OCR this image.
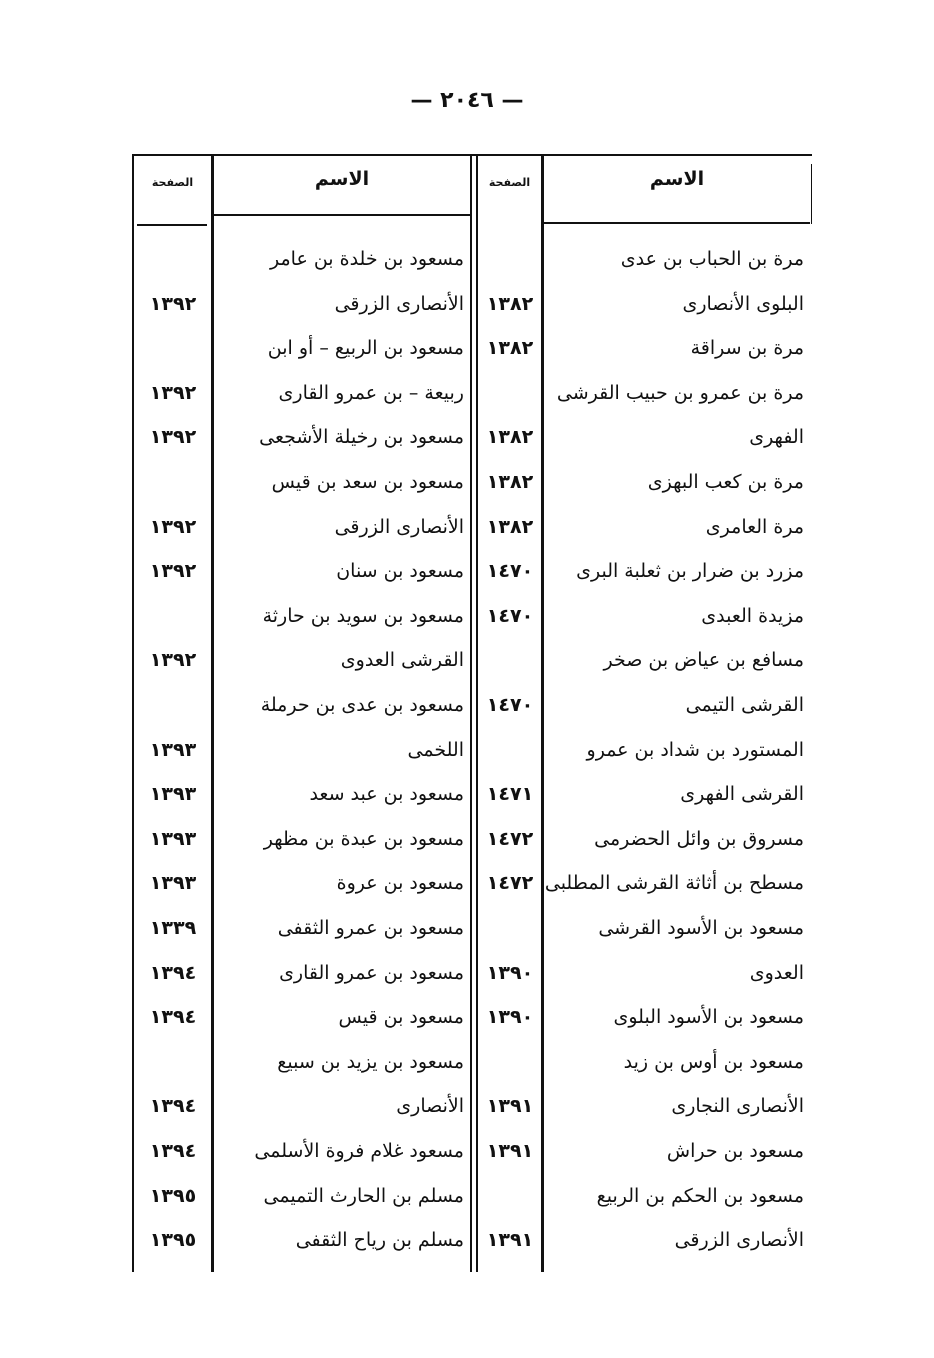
— ٢٠٤٦ —
الاسم
الصفحة
الاسم
الصفحة
مرة بن الحباب بن عدى
البلوى الأنصارى
١٣٨٢
مرة بن سراقة
١٣٨٢
مرة بن عمرو بن حبيب القرشى
الفهرى
١٣٨٢
مرة بن كعب البهزى
١٣٨٢
مرة العامرى
١٣٨٢
مزرد بن ضرار بن ثعلبة البرى
١٤٧٠
مزيدة العبدى
١٤٧٠
مسافع بن عياض بن صخر
القرشى التيمى
١٤٧٠
المستورد بن شداد بن عمرو
القرشى الفهرى
١٤٧١
مسروق بن وائل الحضرمى
١٤٧٢
مسطح بن أثاثة القرشى المطلبى
١٤٧٢
مسعود بن الأسود القرشى
العدوى
١٣٩٠
مسعود بن الأسود البلوى
١٣٩٠
مسعود بن أوس بن زيد
الأنصارى النجارى
١٣٩١
مسعود بن حراش
١٣٩١
مسعود بن الحكم بن الربيع
الأنصارى الزرقى
١٣٩١
مسعود بن خلدة بن عامر
الأنصارى الزرقى
١٣٩٢
مسعود بن الربيع – أو ابن
ربيعة – بن عمرو القارى
١٣٩٢
مسعود بن رخيلة الأشجعى
١٣٩٢
مسعود بن سعد بن قيس
الأنصارى الزرقى
١٣٩٢
مسعود بن سنان
١٣٩٢
مسعود بن سويد بن حارثة
القرشى العدوى
١٣٩٢
مسعود بن عدى بن حرملة
اللخمى
١٣٩٣
مسعود بن عبد سعد
١٣٩٣
مسعود بن عبدة بن مظهر
١٣٩٣
مسعود بن عروة
١٣٩٣
مسعود بن عمرو الثقفى
١٣٣٩
مسعود بن عمرو القارى
١٣٩٤
مسعود بن قيس
١٣٩٤
مسعود بن يزيد بن سبيع
الأنصارى
١٣٩٤
مسعود غلام فروة الأسلمى
١٣٩٤
مسلم بن الحارث التميمى
١٣٩٥
مسلم بن رياح الثقفى
١٣٩٥
